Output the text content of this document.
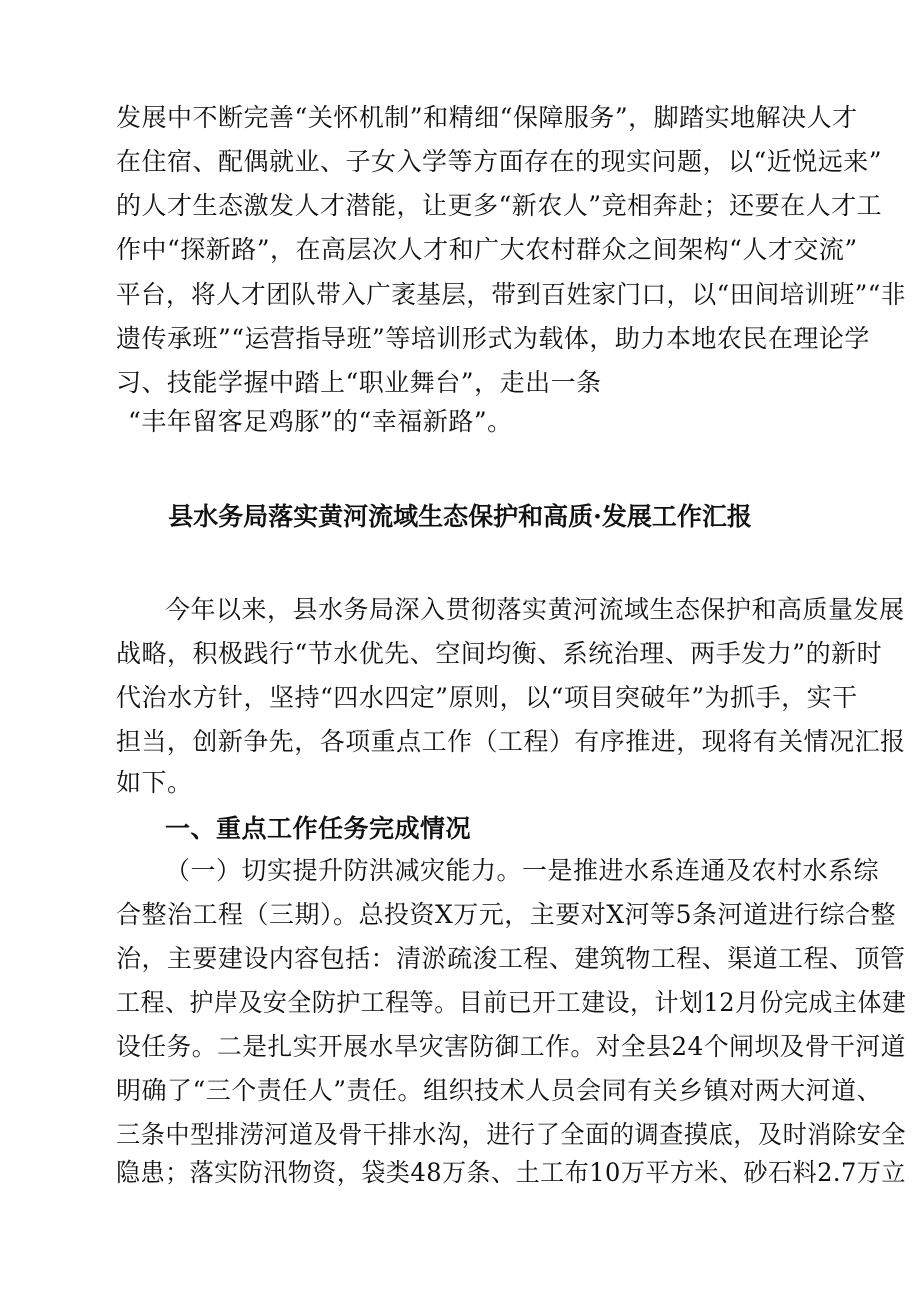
发展中不断完善“关怀机制”和精细“保障服务”，脚踏实地解决人才
在住宿、配偶就业、子女入学等方面存在的现实问题，以“近悦远来”
的人才生态激发人才潜能，让更多“新农人”竞相奔赴；还要在人才工
作中“探新路”，在高层次人才和广大农村群众之间架构“人才交流”
平台，将人才团队带入广袤基层，带到百姓家门口，以“田间培训班”“非
遗传承班”“运营指导班”等培训形式为载体，助力本地农民在理论学
习、技能学握中踏上“职业舞台”，走出一条
“丰年留客足鸡豚”的“幸福新路”。
县水务局落实黄河流域生态保护和高质·发展工作汇报
今年以来，县水务局深入贯彻落实黄河流域生态保护和高质量发展
战略，积极践行“节水优先、空间均衡、系统治理、两手发力”的新时
代治水方针，坚持“四水四定”原则，以“项目突破年”为抓手，实干
担当，创新争先，各项重点工作（工程）有序推进，现将有关情况汇报
如下。
一、重点工作任务完成情况
（一）切实提升防洪减灾能力。一是推进水系连通及农村水系综
合整治工程（三期）。总投资X万元，主要对X河等5条河道进行综合整
治，主要建设内容包括：清淤疏浚工程、建筑物工程、渠道工程、顶管
工程、护岸及安全防护工程等。目前已开工建设，计划12月份完成主体建
设任务。二是扎实开展水旱灾害防御工作。对全县24个闸坝及骨干河道
明确了“三个责任人”责任。组织技术人员会同有关乡镇对两大河道、
三条中型排涝河道及骨干排水沟，进行了全面的调查摸底，及时消除安全
隐患；落实防汛物资，袋类48万条、土工布10万平方米、砂石料2.7万立
